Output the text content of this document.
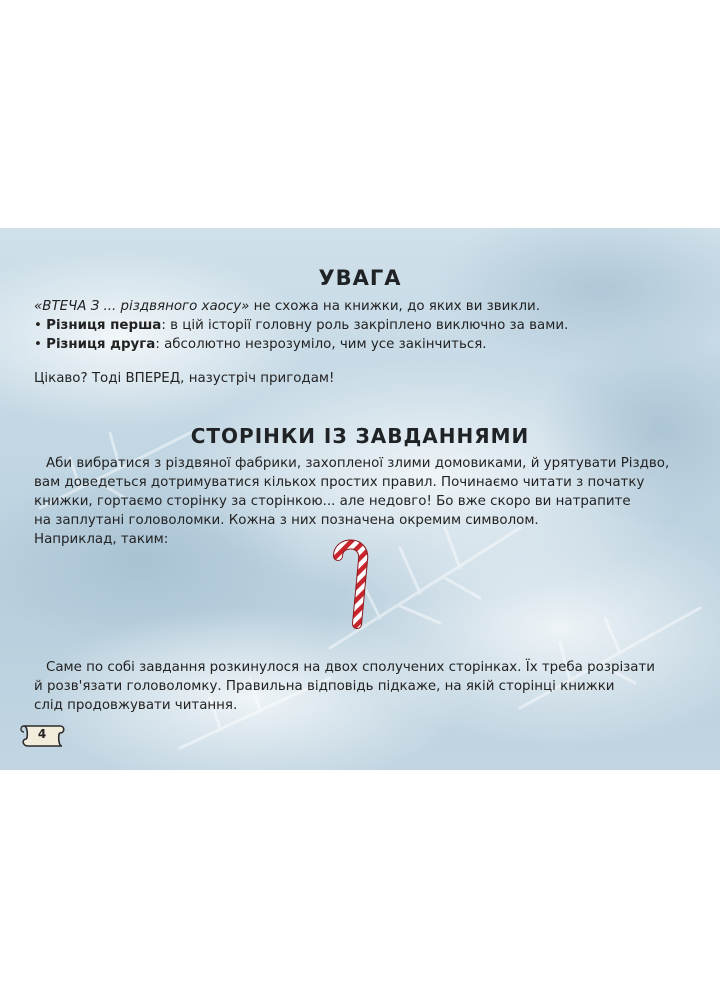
УВАГА

«ВТЕЧА З ... різдвяного хаосу» не схожа на книжки, до яких ви звикли.

• Різниця перша: в цій історії головну роль закріплено виключно за вами.

• Різниця друга: абсолютно незрозуміло, чим усе закінчиться.

Цікаво? Тоді ВПЕРЕД, назустріч пригодам!

СТОРІНКИ ІЗ ЗАВДАННЯМИ

Аби вибратися з різдвяної фабрики, захопленої злими домовиками, й урятувати Різдво,

вам доведеться дотримуватися кількох простих правил. Починаємо читати з початку

книжки, гортаємо сторінку за сторінкою... але недовго! Бо вже скоро ви натрапите

на заплутані головоломки. Кожна з них позначена окремим символом.

Наприклад, таким:

Саме по собі завдання розкинулося на двох сполучених сторінках. Їх треба розрізати

й розв'язати головоломку. Правильна відповідь підкаже, на якій сторінці книжки

слід продовжувати читання.

4
